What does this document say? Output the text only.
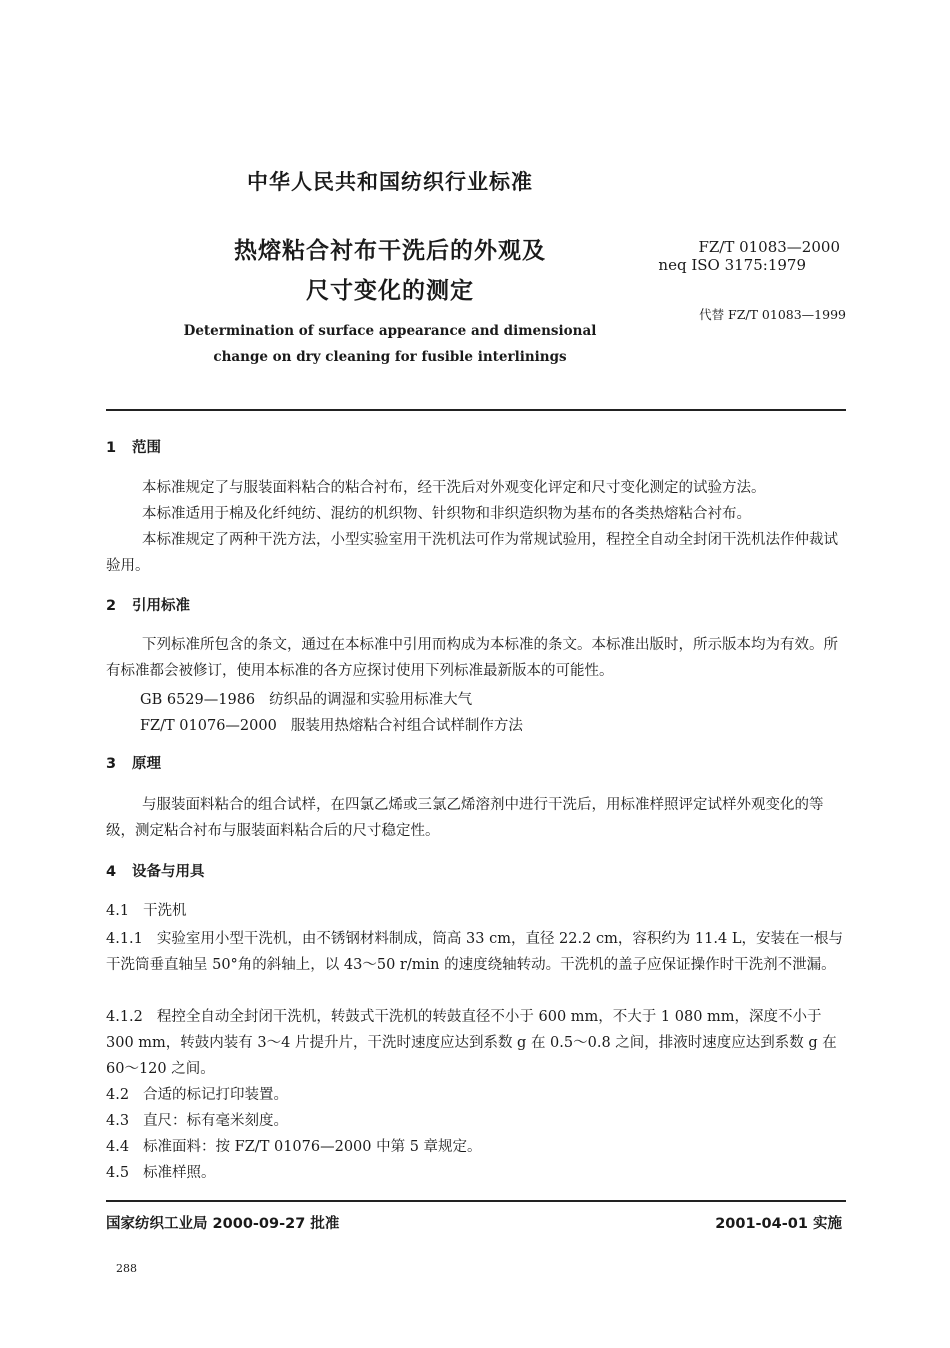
中华人民共和国纺织行业标准
热熔粘合衬布干洗后的外观及
尺寸变化的测定
FZ/T 01083—2000
neq ISO 3175:1979
代替 FZ/T 01083—1999
Determination of surface appearance and dimensional
change on dry cleaning for fusible interlinings
1 范围
本标准规定了与服装面料粘合的粘合衬布，经干洗后对外观变化评定和尺寸变化测定的试验方法。
本标准适用于棉及化纤纯纺、混纺的机织物、针织物和非织造织物为基布的各类热熔粘合衬布。
本标准规定了两种干洗方法，小型实验室用干洗机法可作为常规试验用，程控全自动全封闭干洗机法作仲裁试验用。
2 引用标准
下列标准所包含的条文，通过在本标准中引用而构成为本标准的条文。本标准出版时，所示版本均为有效。所有标准都会被修订，使用本标准的各方应探讨使用下列标准最新版本的可能性。
GB 6529—1986 纺织品的调湿和实验用标准大气
FZ/T 01076—2000 服装用热熔粘合衬组合试样制作方法
3 原理
与服装面料粘合的组合试样，在四氯乙烯或三氯乙烯溶剂中进行干洗后，用标准样照评定试样外观变化的等级，测定粘合衬布与服装面料粘合后的尺寸稳定性。
4 设备与用具
4.1 干洗机
4.1.1 实验室用小型干洗机，由不锈钢材料制成，筒高 33 cm，直径 22.2 cm，容积约为 11.4 L，安装在一根与干洗筒垂直轴呈 50°角的斜轴上，以 43～50 r/min 的速度绕轴转动。干洗机的盖子应保证操作时干洗剂不泄漏。
4.1.2 程控全自动全封闭干洗机，转鼓式干洗机的转鼓直径不小于 600 mm，不大于 1 080 mm，深度不小于 300 mm，转鼓内装有 3～4 片提升片，干洗时速度应达到系数 g 在 0.5～0.8 之间，排液时速度应达到系数 g 在 60～120 之间。
4.2 合适的标记打印装置。
4.3 直尺：标有毫米刻度。
4.4 标准面料：按 FZ/T 01076—2000 中第 5 章规定。
4.5 标准样照。
国家纺织工业局 2000-09-27 批准	2001-04-01 实施
288
